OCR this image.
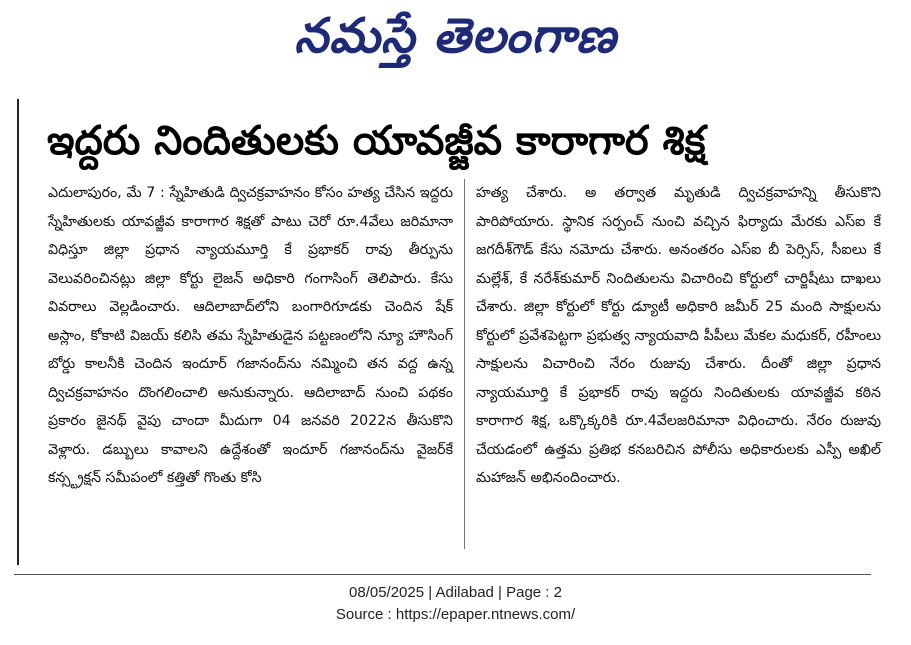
నమస్తే తెలంగాణ
ఇద్దరు నిందితులకు యావజ్జీవ కారాగార శిక్ష
ఎదులాపురం, మే 7 : స్నేహితుడి ద్విచక్రవాహనం కోసం హత్య చేసిన ఇద్దరు స్నేహితులకు యావజ్జీవ కారాగార శిక్షతో పాటు చెరో రూ.4వేలు జరిమానా విధిస్తూ జిల్లా ప్రధాన న్యాయమూర్తి కే ప్రభాకర్ రావు తీర్పును వెలువరించినట్లు జిల్లా కోర్టు లైజన్ అధికారి గంగాసింగ్ తెలిపారు. కేసు వివరాలు వెల్లడించారు. ఆదిలాబాద్‌లోని బంగారిగూడకు చెందిన షేక్ అస్లాం, కోకాటి విజయ్ కలిసి తమ స్నేహితుడైన పట్టణంలోని న్యూ హౌసింగ్ బోర్డు కాలనీకి చెందిన ఇందూర్ గజానంద్‌ను నమ్మించి తన వద్ద ఉన్న ద్విచక్రవాహనం దొంగలించాలి అనుకున్నారు. ఆదిలాబాద్ నుంచి పథకం ప్రకారం జైనథ్ వైపు చాందా మీదుగా 04 జనవరి 2022న తీసుకొని వెళ్లారు. డబ్బులు కావాలని ఉద్దేశంతో ఇందూర్ గజానంద్‌ను వైజర్‌కే కన్స్ట్రక్షన్ సమీపంలో కత్తితో గొంతు కోసి
హత్య చేశారు. అ తర్వాత మృతుడి ద్విచక్రవాహన్ని తీసుకొని పారిపోయారు. స్థానిక సర్పంచ్ నుంచి వచ్చిన ఫిర్యాదు మేరకు ఎస్ఐ కే జగదీశ్‌గౌడ్ కేసు నమోదు చేశారు. అనంతరం ఎస్ఐ బీ పెర్సిస్, సీఐలు కే మల్లేశ్, కే నరేశ్‌కుమార్ నిందితులను విచారించి కోర్టులో చార్జిషీటు దాఖలు చేశారు. జిల్లా కోర్టులో కోర్టు డ్యూటీ అధికారి జమీర్ 25 మంది సాక్షులను కోర్టులో ప్రవేశపెట్టగా ప్రభుత్వ న్యాయవాది పీపీలు మేకల మధుకర్, రహీంలు సాక్షులను విచారించి నేరం రుజువు చేశారు. దీంతో జిల్లా ప్రధాన న్యాయమూర్తి కే ప్రభాకర్ రావు ఇద్దరు నిందితులకు యావజ్జీవ కఠిన కారాగార శిక్ష, ఒక్కొక్కరికి రూ.4వేలజరిమానా విధించారు. నేరం రుజువు చేయడంలో ఉత్తమ ప్రతిభ కనబరిచిన పోలీసు అధికారులకు ఎస్పీ అఖిల్ మహాజన్ అభినందించారు.
08/05/2025 | Adilabad | Page : 2
Source : https://epaper.ntnews.com/
